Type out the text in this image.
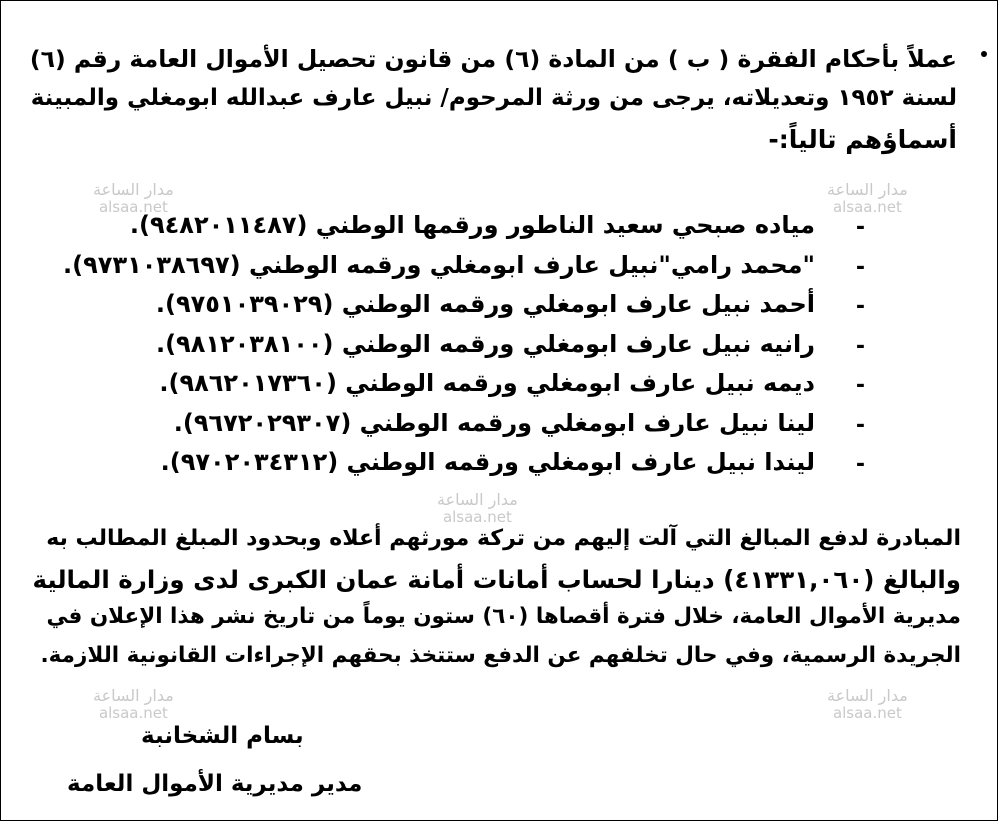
مدار الساعة
alsaa.net
مدار الساعة
alsaa.net
مدار الساعة
alsaa.net
مدار الساعة
alsaa.net
مدار الساعة
alsaa.net
عملاً بأحكام الفقرة ( ب ) من المادة (٦) من قانون تحصيل الأموال العامة رقم (٦)
لسنة ١٩٥٢ وتعديلاته، يرجى من ورثة المرحوم/ نبيل عارف عبدالله ابومغلي والمبينة
أسماؤهم تالياً:-
-
مياده صبحي سعيد الناطور ورقمها الوطني (٩٤٨٢٠١١٤٨٧).
-
"محمد رامي"نبيل عارف ابومغلي ورقمه الوطني (٩٧٣١٠٣٨٦٩٧).
-
أحمد نبيل عارف ابومغلي ورقمه الوطني (٩٧٥١٠٣٩٠٢٩).
-
رانيه نبيل عارف ابومغلي ورقمه الوطني (٩٨١٢٠٣٨١٠٠).
-
ديمه نبيل عارف ابومغلي ورقمه الوطني (٩٨٦٢٠١٧٣٦٠).
-
لينا نبيل عارف ابومغلي ورقمه الوطني (٩٦٧٢٠٢٩٣٠٧).
-
ليندا نبيل عارف ابومغلي ورقمه الوطني (٩٧٠٢٠٣٤٣١٢).
المبادرة لدفع المبالغ التي آلت إليهم من تركة مورثهم أعلاه وبحدود المبلغ المطالب به
والبالغ (٤١٣٣١,٠٦٠) دينارا لحساب أمانات أمانة عمان الكبرى لدى وزارة المالية
مديرية الأموال العامة، خلال فترة أقصاها (٦٠) ستون يوماً من تاريخ نشر هذا الإعلان في
الجريدة الرسمية، وفي حال تخلفهم عن الدفع ستتخذ بحقهم الإجراءات القانونية اللازمة.
بسام الشخانبة
مدير مديرية الأموال العامة
